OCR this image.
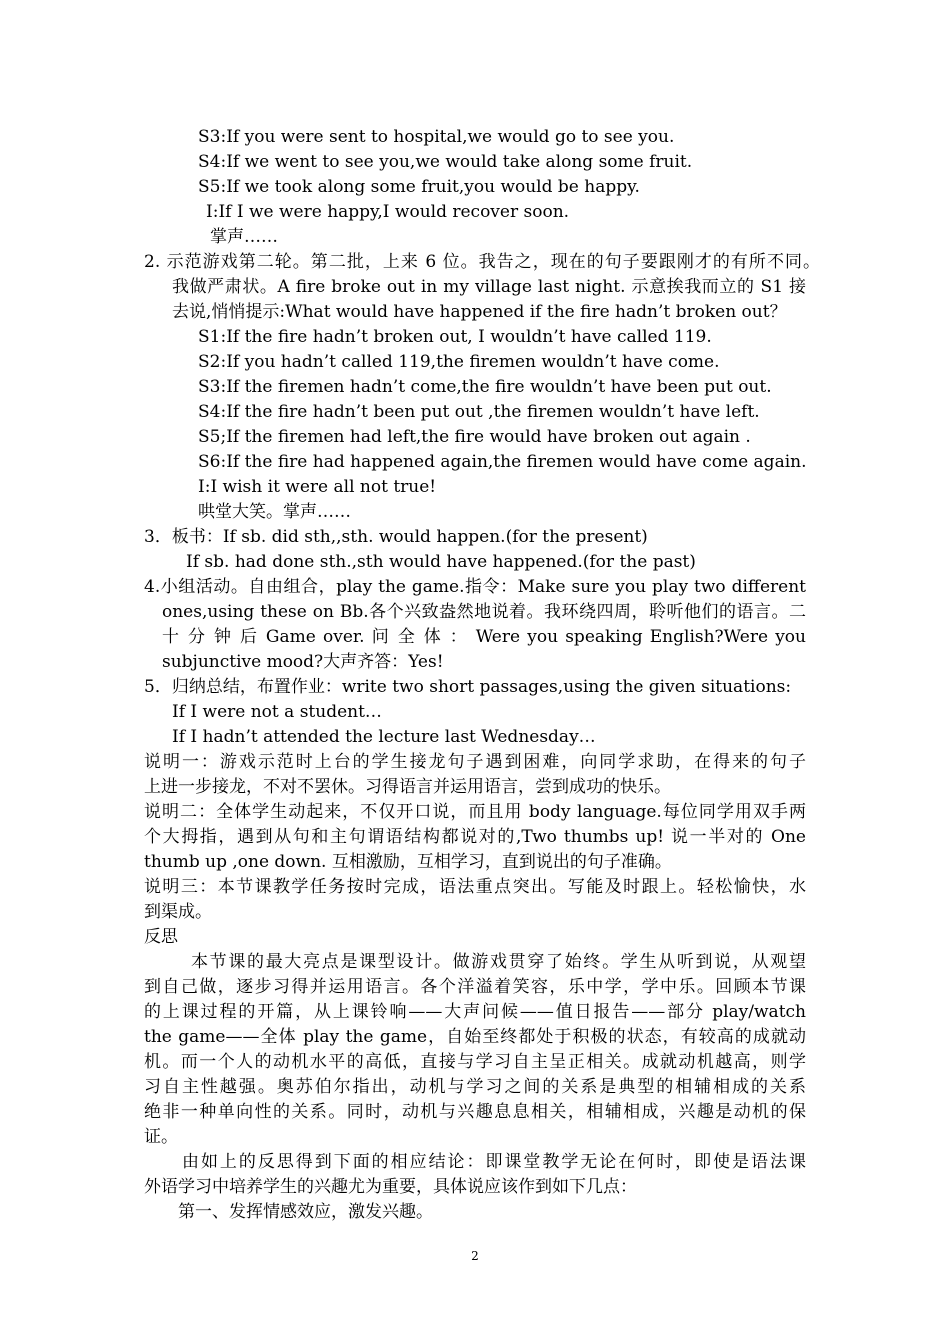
S3:If you were sent to hospital,we would go to see you.
S4:If we went to see you,we would take along some fruit.
S5:If we took along some fruit,you would be happy.
I:If I we were happy,I would recover soon.
掌声……
2. 示范游戏第二轮。第二批，上来 6 位。我告之，现在的句子要跟刚才的有所不同。
我做严肃状。A fire broke out in my village last night. 示意挨我而立的 S1 接
去说,悄悄提示:What would have happened if the fire hadn’t broken out？
S1:If the fire hadn’t broken out, I wouldn’t have called 119.
S2:If you hadn’t called 119,the firemen wouldn’t have come.
S3:If the firemen hadn’t come,the fire wouldn’t have been put out.
S4:If the fire hadn’t been put out ,the firemen wouldn’t have left.
S5;If the firemen had left,the fire would have broken out again .
S6:If the fire had happened again,the firemen would have come again.
I:I wish it were all not true!
哄堂大笑。掌声……
3．板书：If sb. did sth,,sth. would happen.(for the present)
If sb. had done sth.,sth would have happened.(for the past)
4.小组活动。自由组合，play the game.指令：Make sure you play two different
ones,using these on Bb.各个兴致盎然地说着。我环绕四周，聆听他们的语言。二
十 分 钟 后 Game over. 问 全 体 ： Were you speaking English?Were you
subjunctive mood?大声齐答：Yes!
5．归纳总结，布置作业：write two short passages,using the given situations:
If I were not a student…
If I hadn’t attended the lecture last Wednesday…
说明一：游戏示范时上台的学生接龙句子遇到困难，向同学求助，在得来的句子
上进一步接龙，不对不罢休。习得语言并运用语言，尝到成功的快乐。
说明二：全体学生动起来，不仅开口说，而且用 body language.每位同学用双手两
个大拇指，遇到从句和主句谓语结构都说对的,Two thumbs up! 说一半对的 One
thumb up ,one down. 互相激励，互相学习，直到说出的句子准确。
说明三：本节课教学任务按时完成，语法重点突出。写能及时跟上。轻松愉快，水
到渠成。
反思
本节课的最大亮点是课型设计。做游戏贯穿了始终。学生从听到说，从观望
到自己做，逐步习得并运用语言。各个洋溢着笑容，乐中学，学中乐。回顾本节课
的上课过程的开篇，从上课铃响——大声问候——值日报告——部分 play/watch
the game——全体 play the game，自始至终都处于积极的状态，有较高的成就动
机。而一个人的动机水平的高低，直接与学习自主呈正相关。成就动机越高，则学
习自主性越强。奥苏伯尔指出，动机与学习之间的关系是典型的相辅相成的关系
绝非一种单向性的关系。同时，动机与兴趣息息相关，相辅相成，兴趣是动机的保
证。
由如上的反思得到下面的相应结论：即课堂教学无论在何时，即使是语法课
外语学习中培养学生的兴趣尤为重要，具体说应该作到如下几点：
第一、发挥情感效应，激发兴趣。
2
